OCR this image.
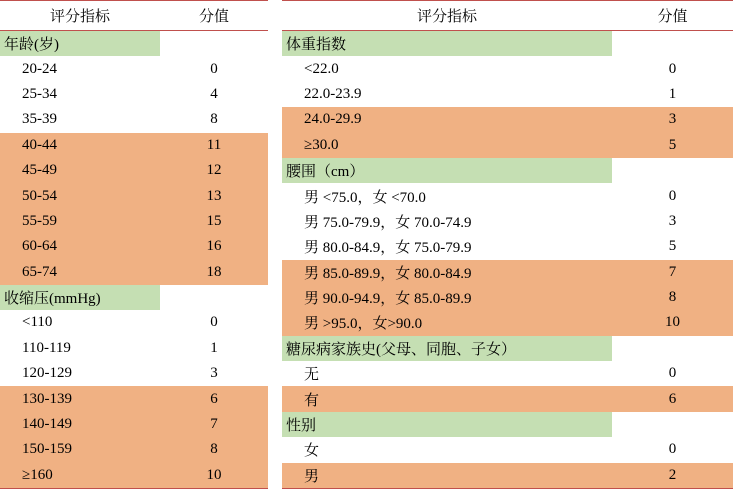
评分指标	分值
年龄(岁)	
20-24	0
25-34	4
35-39	8
40-44	11
45-49	12
50-54	13
55-59	15
60-64	16
65-74	18
收缩压(mmHg)	
<110	0
110-119	1
120-129	3
130-139	6
140-149	7
150-159	8
≥160	10
评分指标	分值
体重指数	
<22.0	0
22.0-23.9	1
24.0-29.9	3
≥30.0	5
腰围（cm）	
男 <75.0，女 <70.0	0
男 75.0-79.9，女 70.0-74.9	3
男 80.0-84.9，女 75.0-79.9	5
男 85.0-89.9，女 80.0-84.9	7
男 90.0-94.9，女 85.0-89.9	8
男 >95.0，女>90.0	10
糖尿病家族史(父母、同胞、子女）	
无	0
有	6
性别	
女	0
男	2
